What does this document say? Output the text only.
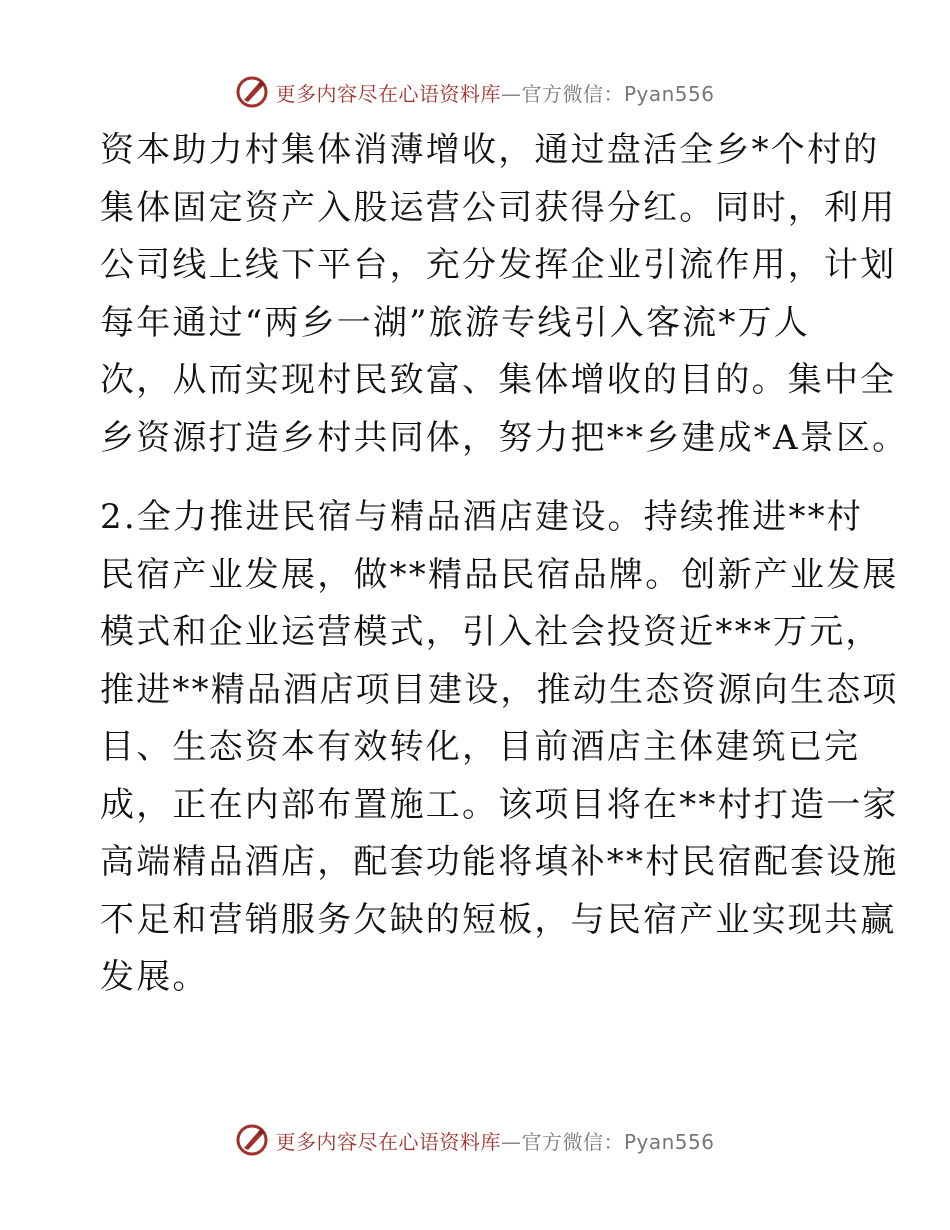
更多内容尽在心语资料库—官方微信：Pyan556

资本助力村集体消薄增收，通过盘活全乡*个村的
集体固定资产入股运营公司获得分红。同时，利用
公司线上线下平台，充分发挥企业引流作用，计划
每年通过“两乡一湖”旅游专线引入客流*万人
次，从而实现村民致富、集体增收的目的。集中全
乡资源打造乡村共同体，努力把**乡建成*A景区。

2.全力推进民宿与精品酒店建设。持续推进**村
民宿产业发展，做**精品民宿品牌。创新产业发展
模式和企业运营模式，引入社会投资近***万元，
推进**精品酒店项目建设，推动生态资源向生态项
目、生态资本有效转化，目前酒店主体建筑已完
成，正在内部布置施工。该项目将在**村打造一家
高端精品酒店，配套功能将填补**村民宿配套设施
不足和营销服务欠缺的短板，与民宿产业实现共赢
发展。

更多内容尽在心语资料库—官方微信：Pyan556
